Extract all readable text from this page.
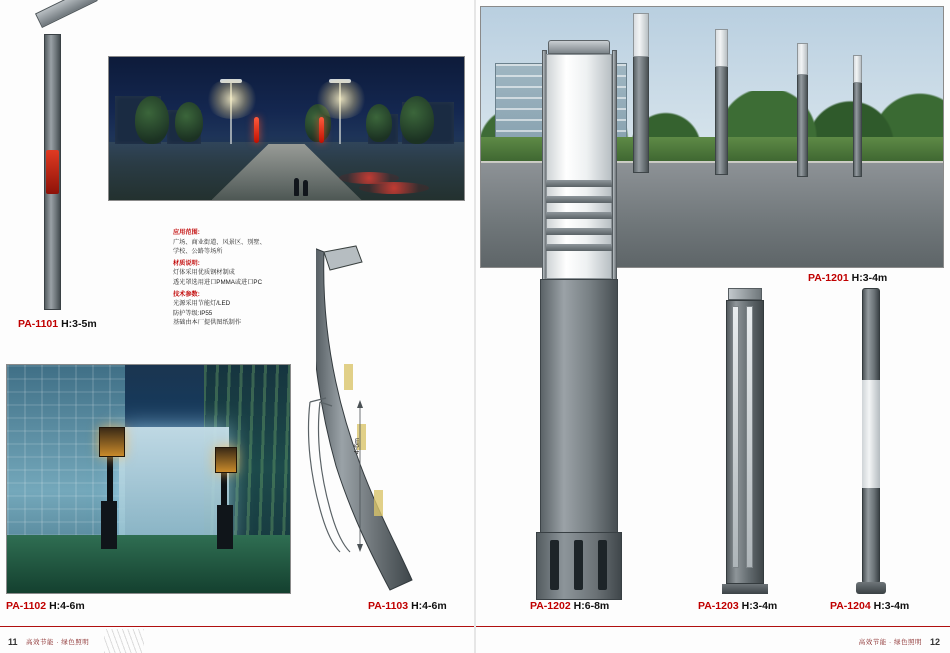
PA-1101 H:3-5m

应用范围:

广场、商业街道、风景区、别墅、

学校、公路等场所

材质说明:

灯体采用优质钢材制成

透光罩选用进口PMMA或进口PC

技术参数:

光源采用节能灯/LED

防护等级:IP55

基础由本厂提供图纸制作

PA-1102 H:4-6m	PA-1103 H:4-6m
4-6m
PA-1201 H:3-4m
PA-1202 H:6-8m	PA-1203 H:3-4m	PA-1204 H:3-4m
11 高效节能 · 绿色照明	12
高效节能 · 绿色照明
